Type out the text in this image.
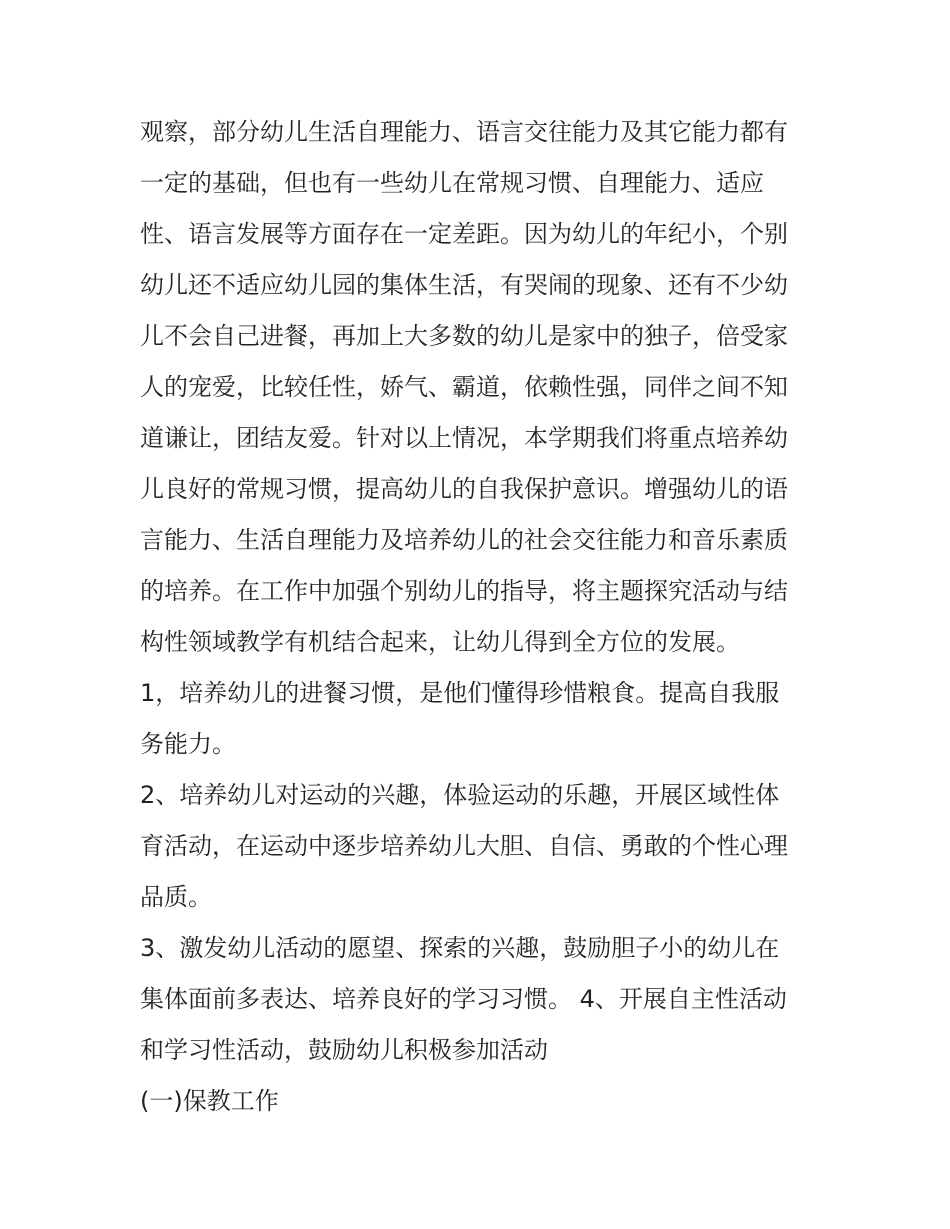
观察，部分幼儿生活自理能力、语言交往能力及其它能力都有
一定的基础，但也有一些幼儿在常规习惯、自理能力、适应
性、语言发展等方面存在一定差距。因为幼儿的年纪小，个别
幼儿还不适应幼儿园的集体生活，有哭闹的现象、还有不少幼
儿不会自己进餐，再加上大多数的幼儿是家中的独子，倍受家
人的宠爱，比较任性，娇气、霸道，依赖性强，同伴之间不知
道谦让，团结友爱。针对以上情况，本学期我们将重点培养幼
儿良好的常规习惯，提高幼儿的自我保护意识。增强幼儿的语
言能力、生活自理能力及培养幼儿的社会交往能力和音乐素质
的培养。在工作中加强个别幼儿的指导，将主题探究活动与结
构性领域教学有机结合起来，让幼儿得到全方位的发展。
1，培养幼儿的进餐习惯，是他们懂得珍惜粮食。提高自我服
务能力。
2、培养幼儿对运动的兴趣，体验运动的乐趣，开展区域性体
育活动，在运动中逐步培养幼儿大胆、自信、勇敢的个性心理
品质。
3、激发幼儿活动的愿望、探索的兴趣，鼓励胆子小的幼儿在
集体面前多表达、培养良好的学习习惯。 4、开展自主性活动
和学习性活动，鼓励幼儿积极参加活动
(一)保教工作
